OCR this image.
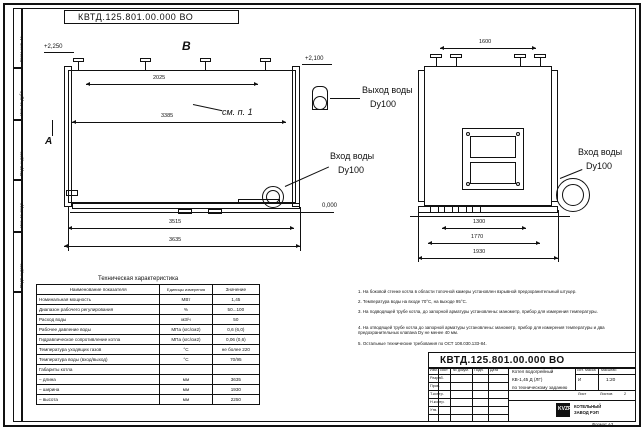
Взам. инв. №
Инв. № дубл.
Подп. и дата
Инв. № подл.
Подп. и дата
КВТД.125.801.00.000 ВО
+2,250
+2,100
0,000
В
А
см. п. 1
Вход воды
Dy100
Выход воды
Dy100
2025
3385
3515
3635
Вход воды
Dy100
1600
1300
1770
1930
Техническая характеристика
Наименование показателя	Единицы измерения	Значение
Номинальная мощность	МВт	1,45
Диапазон рабочего регулирования	%	50...100
Расход воды	м3/ч	50
Рабочее давление воды	МПа (кгс/см2)	0,6 (6,0)
Гидравлическое сопротивление котла	МПа (кгс/см2)	0,06 (0,6)
Температура уходящих газов	°С	не более 220
Температура воды (вход/выход)	°С	70/95
Габариты котла		
– длина	мм	3635
– ширина	мм	1930
– высота	мм	2250
1. На боковой стенке котла в области топочной камеры установлен взрывной предохранительный штуцер.
2. Температура воды на входе 70°С, на выходе 95°С.
3. На подводящей трубе котла, до запорной арматуры установлены: манометр, прибор для измерения температуры.
4. На отводящей трубе котла до запорной арматуры установлены: манометр, прибор для измерения температуры и два предохранительных клапана Dy не менее 40 мм.
5. Остальные технические требования по ОСТ 108.030.133-84.
КВТД.125.801.00.000 ВО
Изм. Лист № докум. Подп. Дата
Разраб.
Пров.
Т.контр.
Н.контр.
Утв.
Котел водогрейный
КВ-1,45 Д (ЛГ)
по техническому заданию
Лит. Масса Масштаб
И	1:20
Лист	Листов	2
KVZR КОТЕЛЬНЫЙ
ЗАВОД РЭП
Формат А3
